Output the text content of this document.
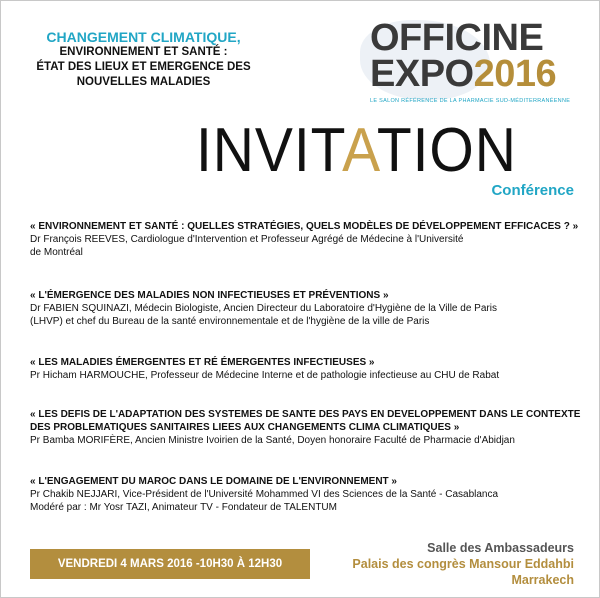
CHANGEMENT CLIMATIQUE,
ENVIRONNEMENT ET SANTÉ :
ÉTAT DES LIEUX ET EMERGENCE DES
NOUVELLES MALADIES
OFFICINE
EXPO2016
LE SALON RÉFÉRENCE DE LA PHARMACIE SUD-MÉDITERRANÉENNE
INVITATION
Conférence
« ENVIRONNEMENT ET SANTÉ : QUELLES STRATÉGIES, QUELS MODÈLES DE DÉVELOPPEMENT EFFICACES ? »
Dr François REEVES, Cardiologue d'Intervention et Professeur Agrégé de Médecine à l'Université
de Montréal
« L'ÉMERGENCE DES MALADIES NON INFECTIEUSES ET PRÉVENTIONS »
Dr FABIEN SQUINAZI, Médecin Biologiste, Ancien Directeur du Laboratoire d'Hygiène de la Ville de Paris
(LHVP) et chef du Bureau de la santé environnementale et de l'hygiène de la ville de Paris
« LES MALADIES ÉMERGENTES ET RÉ ÉMERGENTES INFECTIEUSES »
Pr Hicham HARMOUCHE, Professeur de Médecine Interne et de pathologie infectieuse au CHU de Rabat
« LES DEFIS DE L'ADAPTATION DES SYSTEMES DE SANTE DES PAYS EN DEVELOPPEMENT DANS LE CONTEXTE
DES PROBLEMATIQUES SANITAIRES LIEES AUX CHANGEMENTS CLIMA CLIMATIQUES »
Pr Bamba MORIFÈRE, Ancien Ministre Ivoirien de la Santé, Doyen honoraire Faculté de Pharmacie d'Abidjan
« L'ENGAGEMENT DU MAROC DANS LE DOMAINE DE L'ENVIRONNEMENT »
Pr Chakib NEJJARI, Vice-Président de l'Université Mohammed VI des Sciences de la Santé - Casablanca
Modéré par : Mr Yosr TAZI, Animateur TV - Fondateur de TALENTUM
VENDREDI 4 MARS 2016 -10H30 À 12H30
Salle des Ambassadeurs
Palais des congrès Mansour Eddahbi
Marrakech
